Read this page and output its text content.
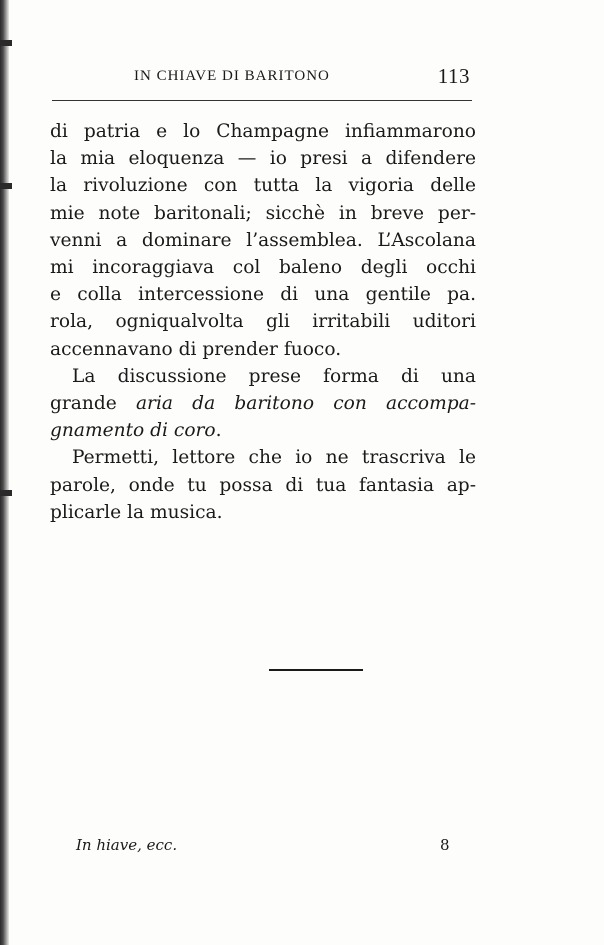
IN CHIAVE DI BARITONO	113

di patria e lo Champagne infiammarono
la mia eloquenza — io presi a difendere
la rivoluzione con tutta la vigoria delle
mie note baritonali; sicchè in breve per-
venni a dominare l’assemblea. L’Ascolana
mi incoraggiava col baleno degli occhi
e colla intercessione di una gentile pa.
rola, ogniqualvolta gli irritabili uditori
accennavano di prender fuoco.

La discussione prese forma di una
grande aria da baritono con accompa-
gnamento di coro.

Permetti, lettore che io ne trascriva le
parole, onde tu possa di tua fantasia ap-
plicarle la musica.

In hiave, ecc.	8
